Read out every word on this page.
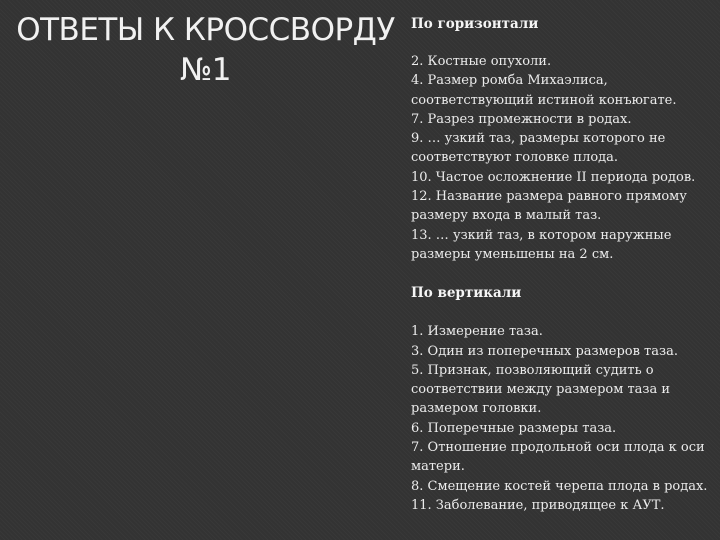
ОТВЕТЫ К КРОССВОРДУ
№1

По горизонтали

2. Костные опухоли.
4. Размер ромба Михаэлиса, соответствующий истиной конъюгате.
7. Разрез промежности в родах.
9. … узкий таз, размеры которого не соответствуют головке плода.
10. Частое осложнение II периода родов.
12. Название размера равного прямому размеру входа в малый таз.
13. … узкий таз, в котором наружные размеры уменьшены на 2 см.

По вертикали

1. Измерение таза.
3. Один из поперечных размеров таза.
5. Признак, позволяющий судить о соответствии между размером таза и размером головки.
6. Поперечные размеры таза.
7. Отношение продольной оси плода к оси матери.
8. Смещение костей черепа плода в родах.
11. Заболевание, приводящее к АУТ.
